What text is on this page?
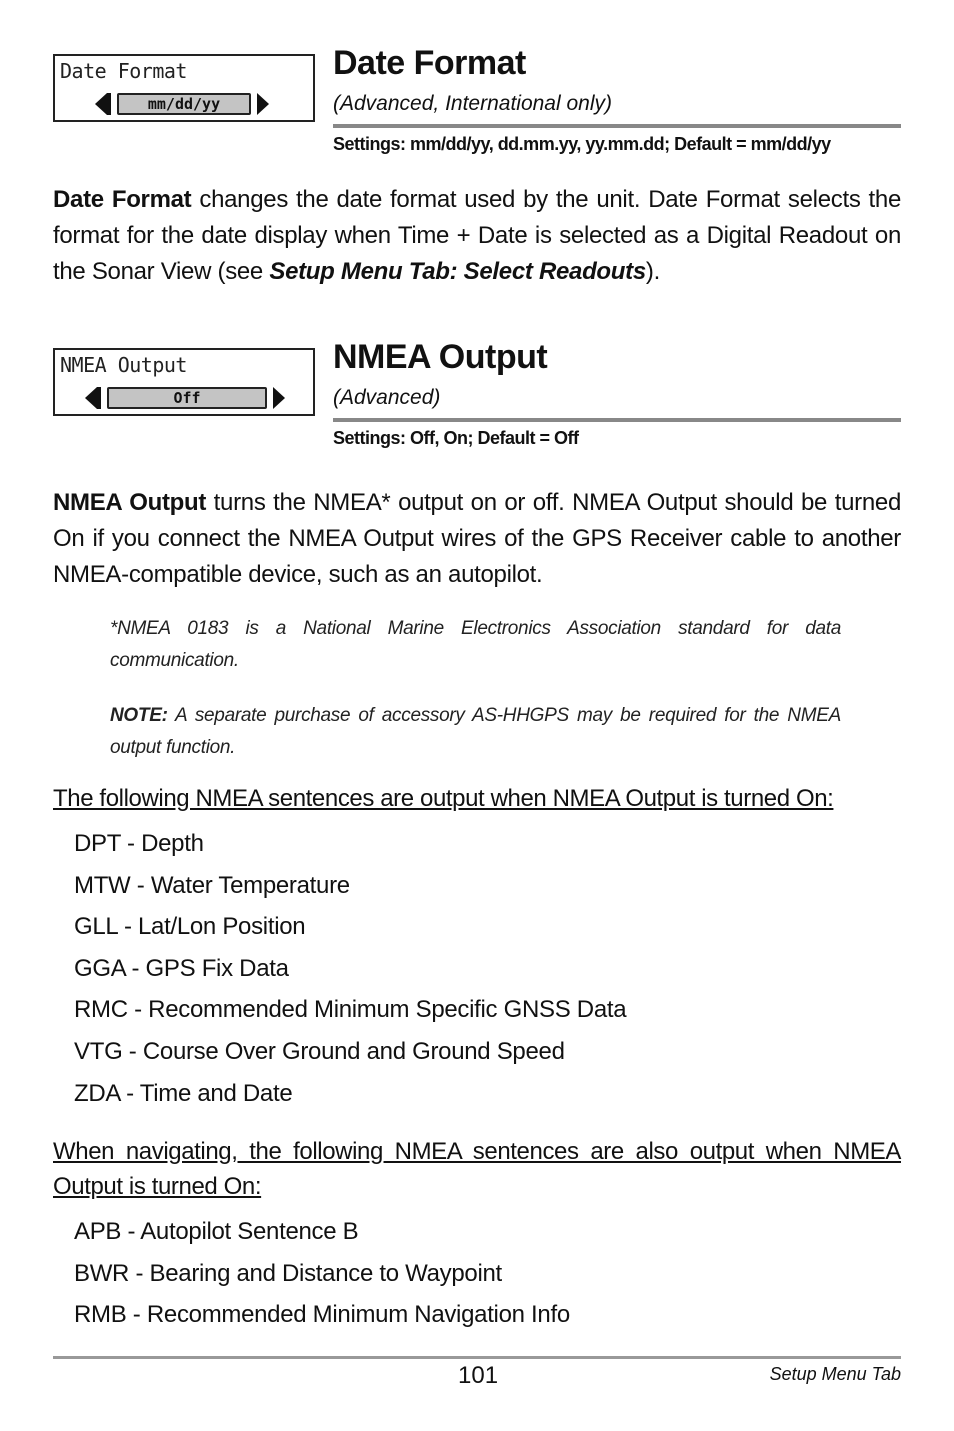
Date Format
mm/dd/yy
Date Format
(Advanced, International only)
Settings: mm/dd/yy, dd.mm.yy, yy.mm.dd; Default = mm/dd/yy

Date Format changes the date format used by the unit. Date Format selects the format for the date display when Time + Date is selected as a Digital Readout on the Sonar View (see Setup Menu Tab: Select Readouts).

NMEA Output
Off
NMEA Output
(Advanced)
Settings: Off, On; Default = Off

NMEA Output turns the NMEA* output on or off. NMEA Output should be turned On if you connect the NMEA Output wires of the GPS Receiver cable to another NMEA-compatible device, such as an autopilot.

*NMEA 0183 is a National Marine Electronics Association standard for data communication.

NOTE: A separate purchase of accessory AS-HHGPS may be required for the NMEA output function.

The following NMEA sentences are output when NMEA Output is turned On:

DPT - Depth
MTW - Water Temperature
GLL - Lat/Lon Position
GGA - GPS Fix Data
RMC - Recommended Minimum Specific GNSS Data
VTG - Course Over Ground and Ground Speed
ZDA - Time and Date

When navigating, the following NMEA sentences are also output when NMEA Output is turned On:

APB - Autopilot Sentence B
BWR - Bearing and Distance to Waypoint
RMB - Recommended Minimum Navigation Info
101	Setup Menu Tab
